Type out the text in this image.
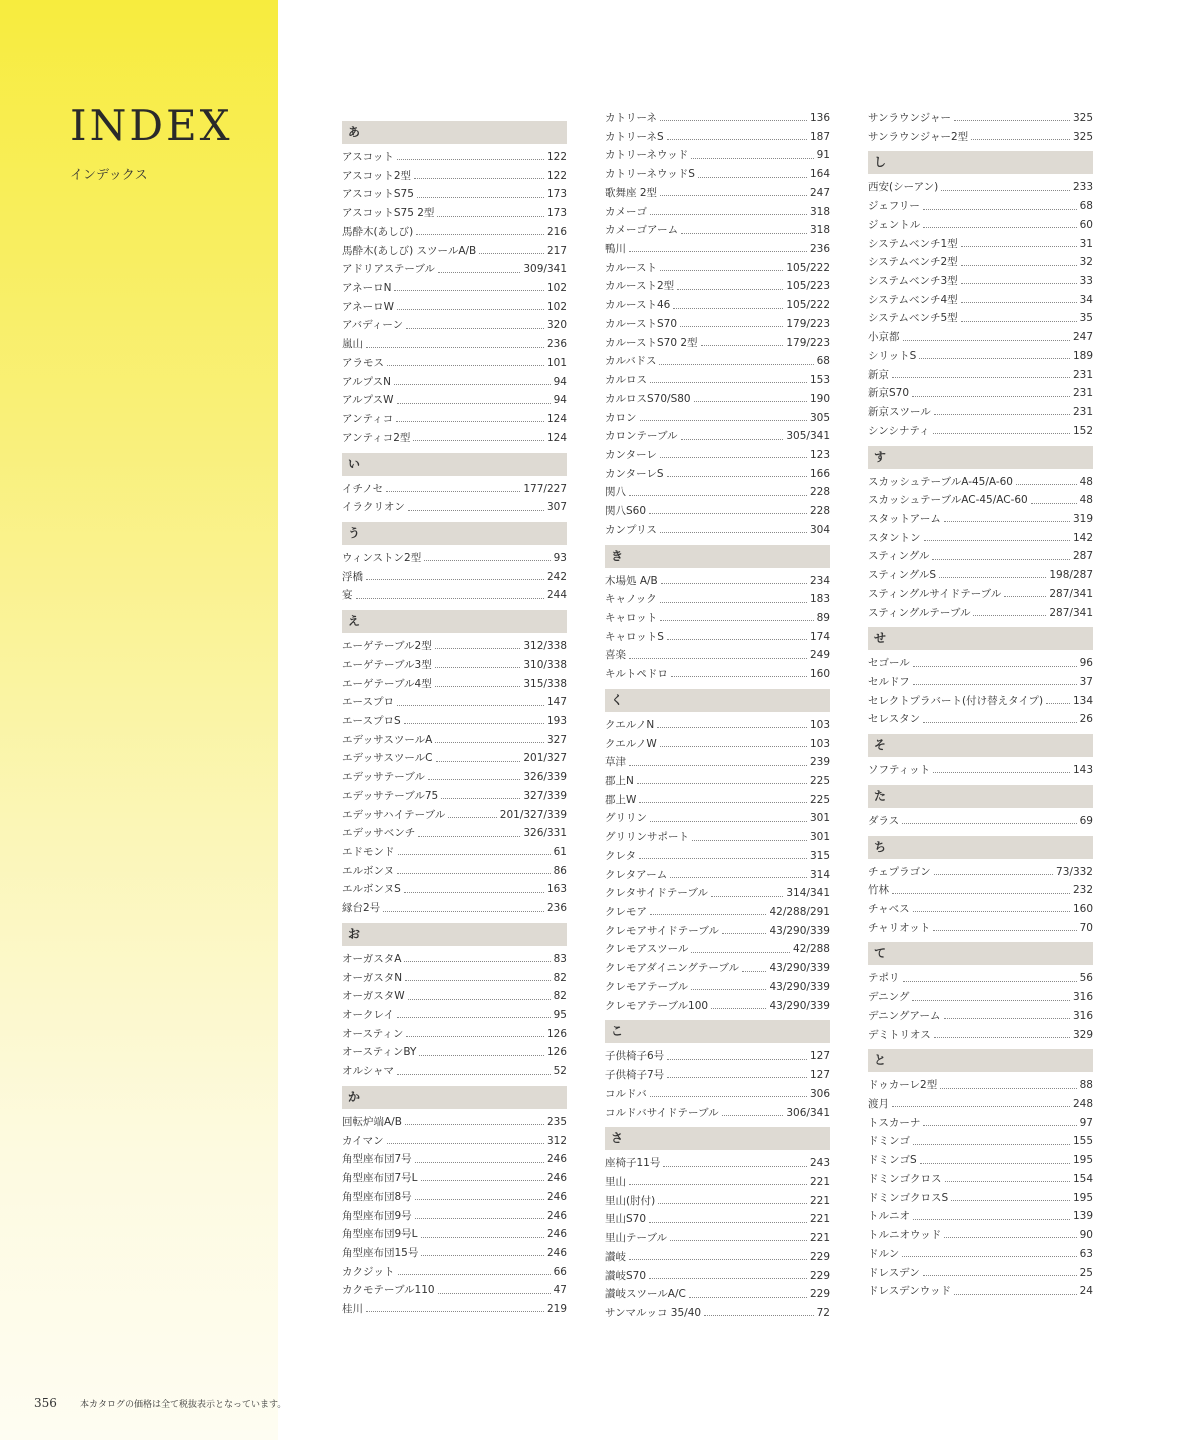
INDEX
インデックス
あ
アスコット	122
アスコット2型	122
アスコットS75	173
アスコットS75 2型	173
馬酔木(あしび)	216
馬酔木(あしび) スツールA/B	217
アドリアステーブル	309/341
アネーロN	102
アネーロW	102
アバディーン	320
嵐山	236
アラモス	101
アルプスN	94
アルプスW	94
アンティコ	124
アンティコ2型	124
い
イチノセ	177/227
イラクリオン	307
う
ウィンストン2型	93
浮橋	242
宴	244
え
エーゲテーブル2型	312/338
エーゲテーブル3型	310/338
エーゲテーブル4型	315/338
エースプロ	147
エースプロS	193
エデッサスツールA	327
エデッサスツールC	201/327
エデッサテーブル	326/339
エデッサテーブル75	327/339
エデッサハイテーブル	201/327/339
エデッサベンチ	326/331
エドモンド	61
エルボンヌ	86
エルボンヌS	163
縁台2号	236
お
オーガスタA	83
オーガスタN	82
オーガスタW	82
オークレイ	95
オースティン	126
オースティンBY	126
オルシャマ	52
か
回転炉端A/B	235
カイマン	312
角型座布団7号	246
角型座布団7号L	246
角型座布団8号	246
角型座布団9号	246
角型座布団9号L	246
角型座布団15号	246
カクジット	66
カクモテーブル110	47
桂川	219
カトリーネ	136
カトリーネS	187
カトリーネウッド	91
カトリーネウッドS	164
歌舞座 2型	247
カメーゴ	318
カメーゴアーム	318
鴨川	236
カルースト	105/222
カルースト2型	105/223
カルースト46	105/222
カルーストS70	179/223
カルーストS70 2型	179/223
カルバドス	68
カルロス	153
カルロスS70/S80	190
カロン	305
カロンテーブル	305/341
カンターレ	123
カンターレS	166
関八	228
関八S60	228
カンプリス	304
き
木場処 A/B	234
キャノック	183
キャロット	89
キャロットS	174
喜楽	249
キルトペドロ	160
く
クエルノN	103
クエルノW	103
草津	239
郡上N	225
郡上W	225
グリリン	301
グリリンサポート	301
クレタ	315
クレタアーム	314
クレタサイドテーブル	314/341
クレモア	42/288/291
クレモアサイドテーブル	43/290/339
クレモアスツール	42/288
クレモアダイニングテーブル	43/290/339
クレモアテーブル	43/290/339
クレモアテーブル100	43/290/339
こ
子供椅子6号	127
子供椅子7号	127
コルドバ	306
コルドバサイドテーブル	306/341
さ
座椅子11号	243
里山	221
里山(肘付)	221
里山S70	221
里山テーブル	221
讃岐	229
讃岐S70	229
讃岐スツールA/C	229
サンマルッコ 35/40	72
サンラウンジャー	325
サンラウンジャー2型	325
し
西安(シーアン)	233
ジェフリー	68
ジェントル	60
システムベンチ1型	31
システムベンチ2型	32
システムベンチ3型	33
システムベンチ4型	34
システムベンチ5型	35
小京都	247
シリットS	189
新京	231
新京S70	231
新京スツール	231
シンシナティ	152
す
スカッシュテーブルA-45/A-60	48
スカッシュテーブルAC-45/AC-60	48
スタットアーム	319
スタントン	142
スティングル	287
スティングルS	198/287
スティングルサイドテーブル	287/341
スティングルテーブル	287/341
せ
セゴール	96
セルドフ	37
セレクトプラバート(付け替えタイプ)	134
セレスタン	26
そ
ソフティット	143
た
ダラス	69
ち
チェプラゴン	73/332
竹林	232
チャベス	160
チャリオット	70
て
テポリ	56
デニング	316
デニングアーム	316
デミトリオス	329
と
ドゥカーレ2型	88
渡月	248
トスカーナ	97
ドミンゴ	155
ドミンゴS	195
ドミンゴクロス	154
ドミンゴクロスS	195
トルニオ	139
トルニオウッド	90
ドルン	63
ドレスデン	25
ドレスデンウッド	24
356	本カタログの価格は全て税抜表示となっています。
